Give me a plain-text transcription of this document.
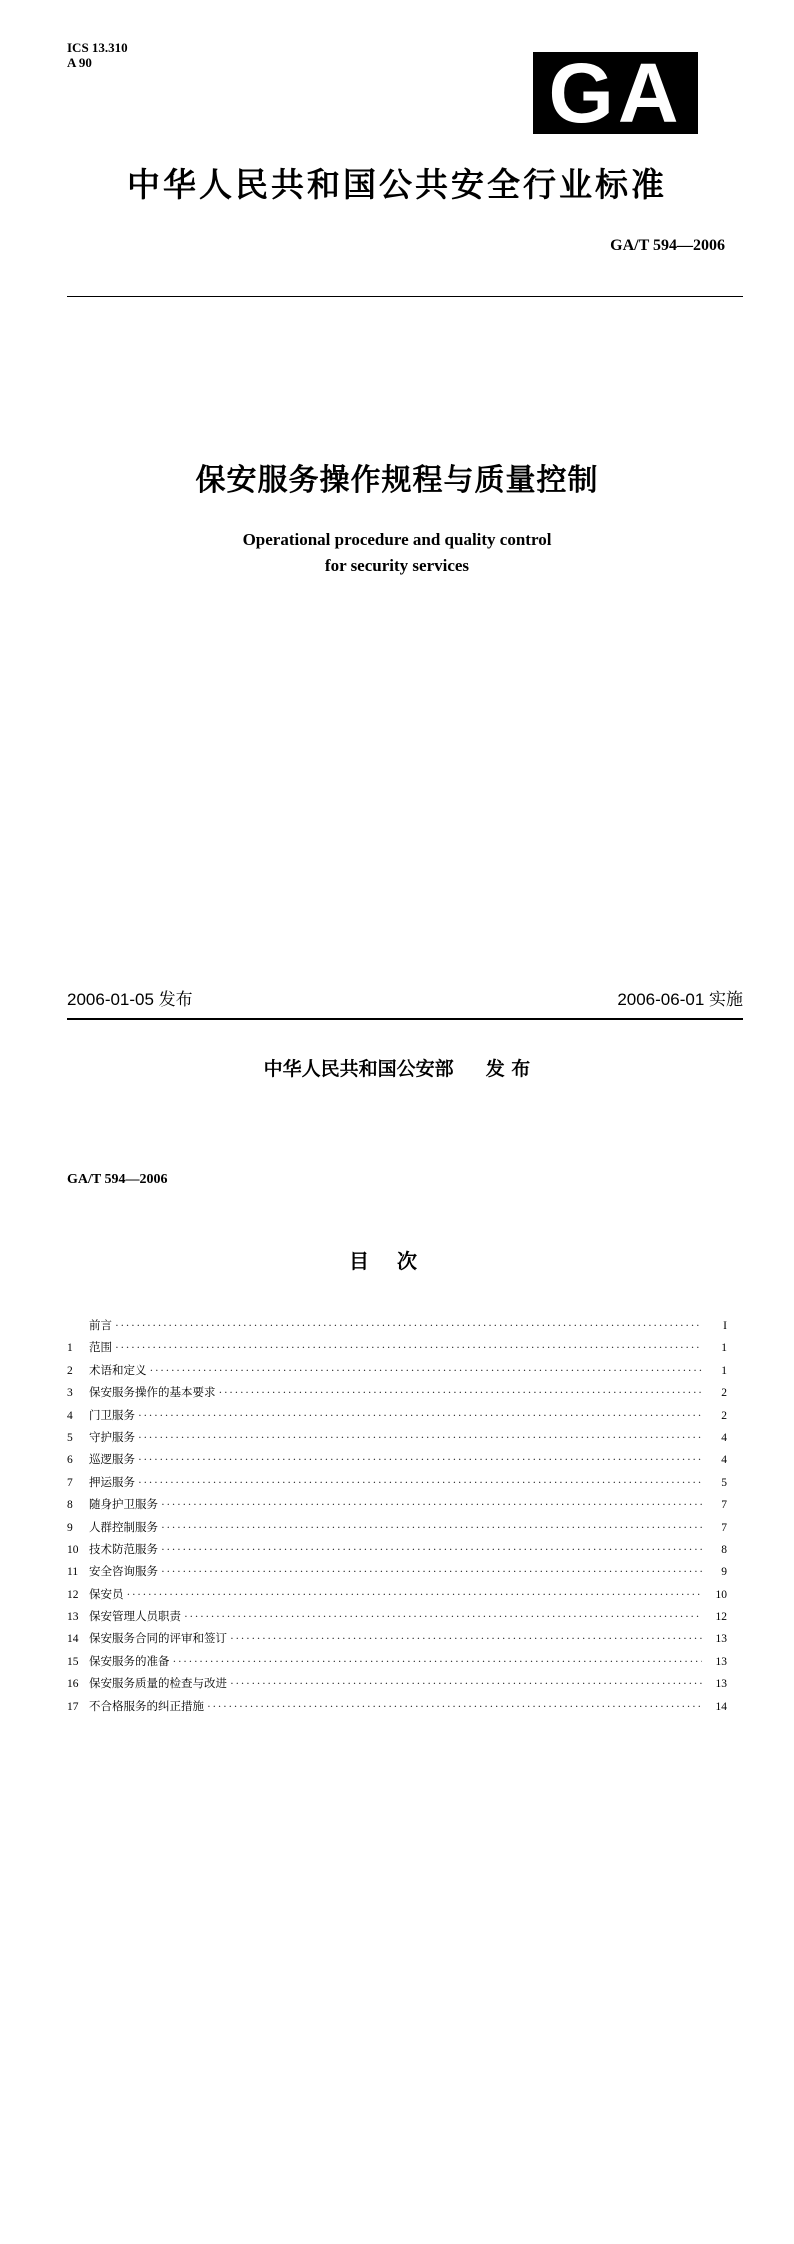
ICS 13.310
A 90	GA
中华人民共和国公共安全行业标准
GA/T 594—2006
保安服务操作规程与质量控制
Operational procedure and quality control
for security services
2006-01-05 发布	2006-06-01 实施
中华人民共和国公安部 发 布
GA/T 594—2006
目次
前言 ·····	I
1	范围 ·····	1
2	术语和定义 ·····	1
3	保安服务操作的基本要求 ·····	2
4	门卫服务 ·····	2
5	守护服务 ·····	4
6	巡逻服务 ·····	4
7	押运服务 ·····	5
8	随身护卫服务 ·····	7
9	人群控制服务 ·····	7
10 技术防范服务 ·····	8
11 安全咨询服务 ·····	9
12 保安员 ·····	10
13 保安管理人员职责 ·····	12
14 保安服务合同的评审和签订 ·····	13
15 保安服务的准备 ·····	13
16 保安服务质量的检查与改进 ·····	13
17 不合格服务的纠正措施 ·····	14
